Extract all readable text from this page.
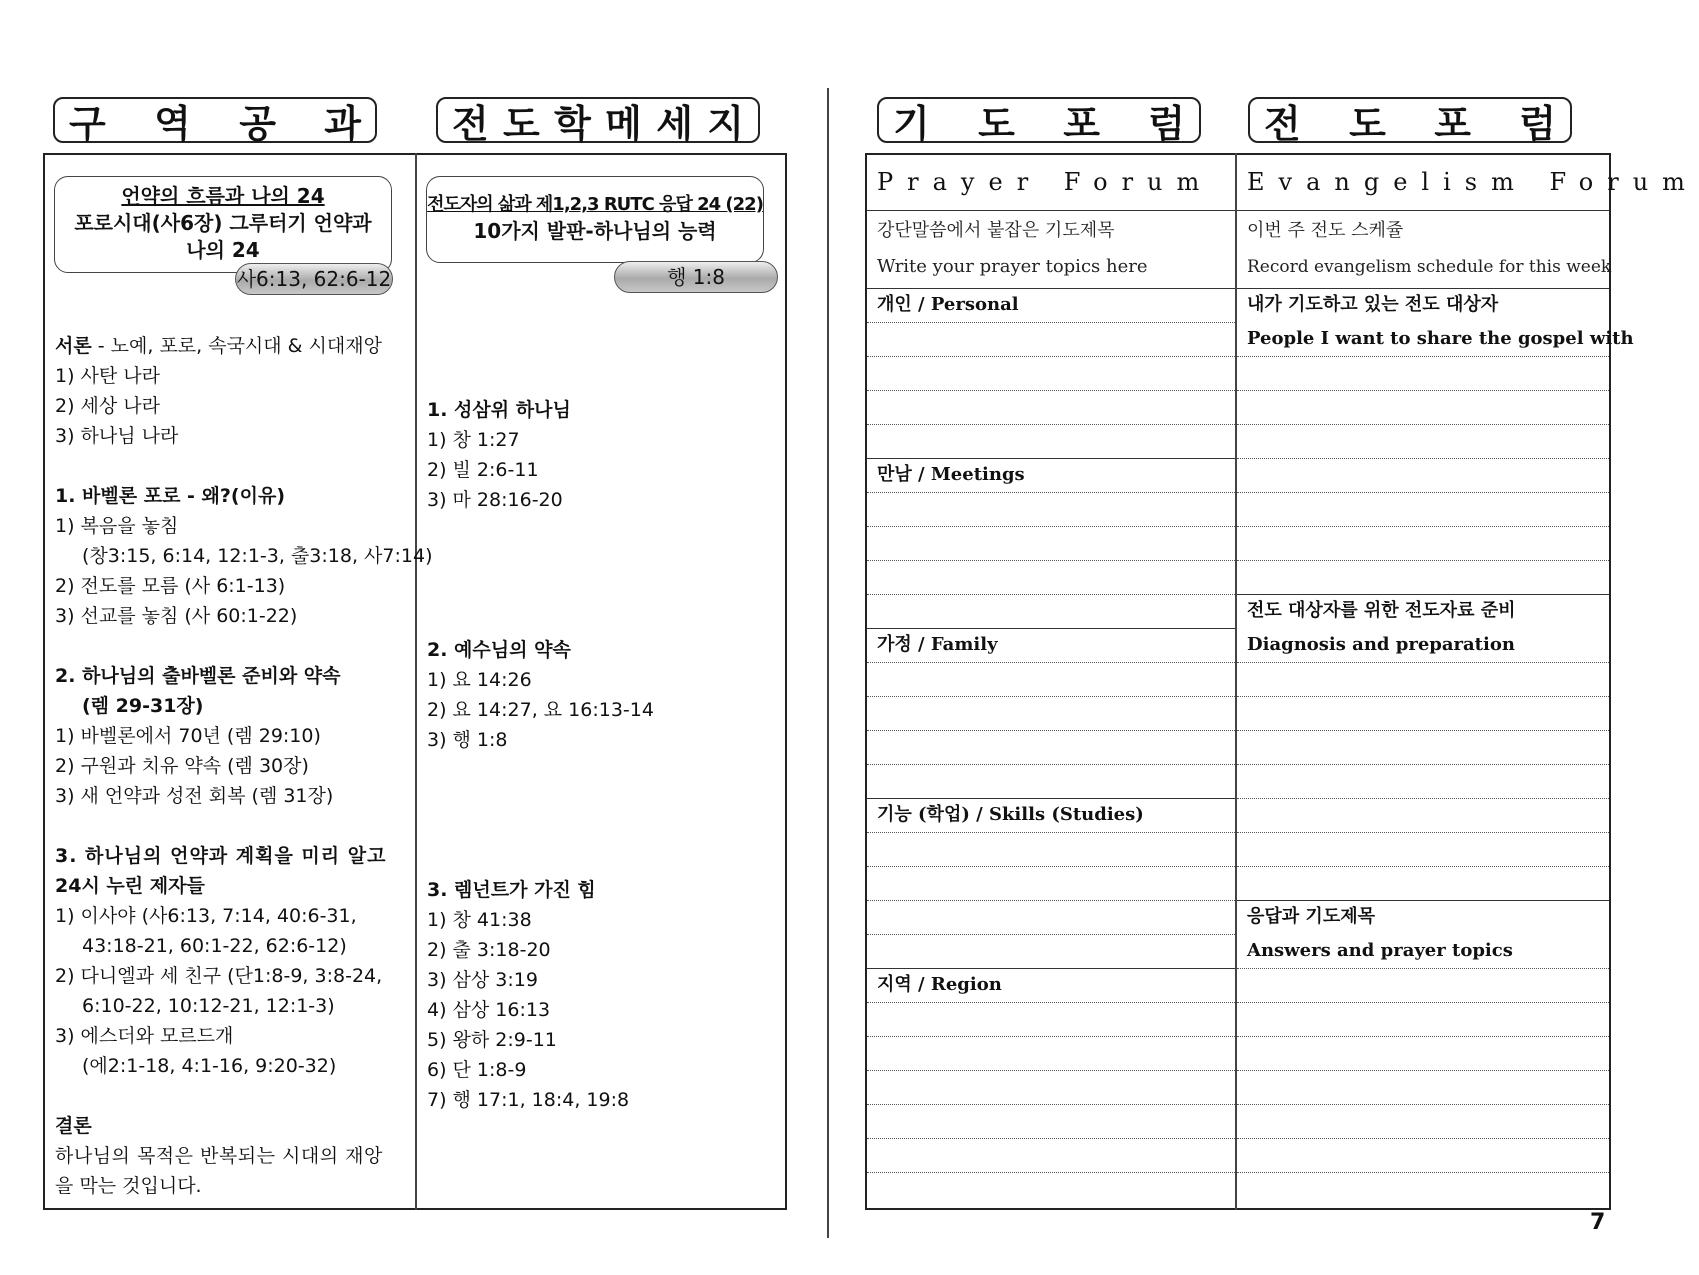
구 역 공 과 전 도 학 메 세 지	기 도 포 럼 전 도 포 럼
언약의 흐름과 나의 24
포로시대(사6장) 그루터기 언약과
나의 24
사6:13, 62:6-12
전도자의 삶과 제1,2,3 RUTC 응답 24 (22)
10가지 발판-하나님의 능력
행 1:8
서론 - 노예, 포로, 속국시대 & 시대재앙
1) 사탄 나라
2) 세상 나라
3) 하나님 나라
1. 바벨론 포로 - 왜?(이유)
1) 복음을 놓침
(창3:15, 6:14, 12:1-3, 출3:18, 사7:14)
2) 전도를 모름 (사 6:1-13)
3) 선교를 놓침 (사 60:1-22)
2. 하나님의 출바벨론 준비와 약속
(렘 29-31장)
1) 바벨론에서 70년 (렘 29:10)
2) 구원과 치유 약속 (렘 30장)
3) 새 언약과 성전 회복 (렘 31장)
3. 하나님의 언약과 계획을 미리 알고
24시 누린 제자들
1) 이사야 (사6:13, 7:14, 40:6-31,
43:18-21, 60:1-22, 62:6-12)
2) 다니엘과 세 친구 (단1:8-9, 3:8-24,
6:10-22, 10:12-21, 12:1-3)
3) 에스더와 모르드개
(에2:1-18, 4:1-16, 9:20-32)
결론
하나님의 목적은 반복되는 시대의 재앙
을 막는 것입니다.
1. 성삼위 하나님
1) 창 1:27
2) 빌 2:6-11
3) 마 28:16-20
2. 예수님의 약속
1) 요 14:26
2) 요 14:27, 요 16:13-14
3) 행 1:8
3. 렘넌트가 가진 힘
1) 창 41:38
2) 출 3:18-20
3) 삼상 3:19
4) 삼상 16:13
5) 왕하 2:9-11
6) 단 1:8-9
7) 행 17:1, 18:4, 19:8
Prayer Forum
강단말씀에서 붙잡은 기도제목
Write your prayer topics here
개인 / Personal
만남 / Meetings
가정 / Family
기능 (학업) / Skills (Studies)
지역 / Region
Evangelism Forum
이번 주 전도 스케쥴
Record evangelism schedule for this week
내가 기도하고 있는 전도 대상자
People I want to share the gospel with
전도 대상자를 위한 전도자료 준비
Diagnosis and preparation
응답과 기도제목
Answers and prayer topics
7
